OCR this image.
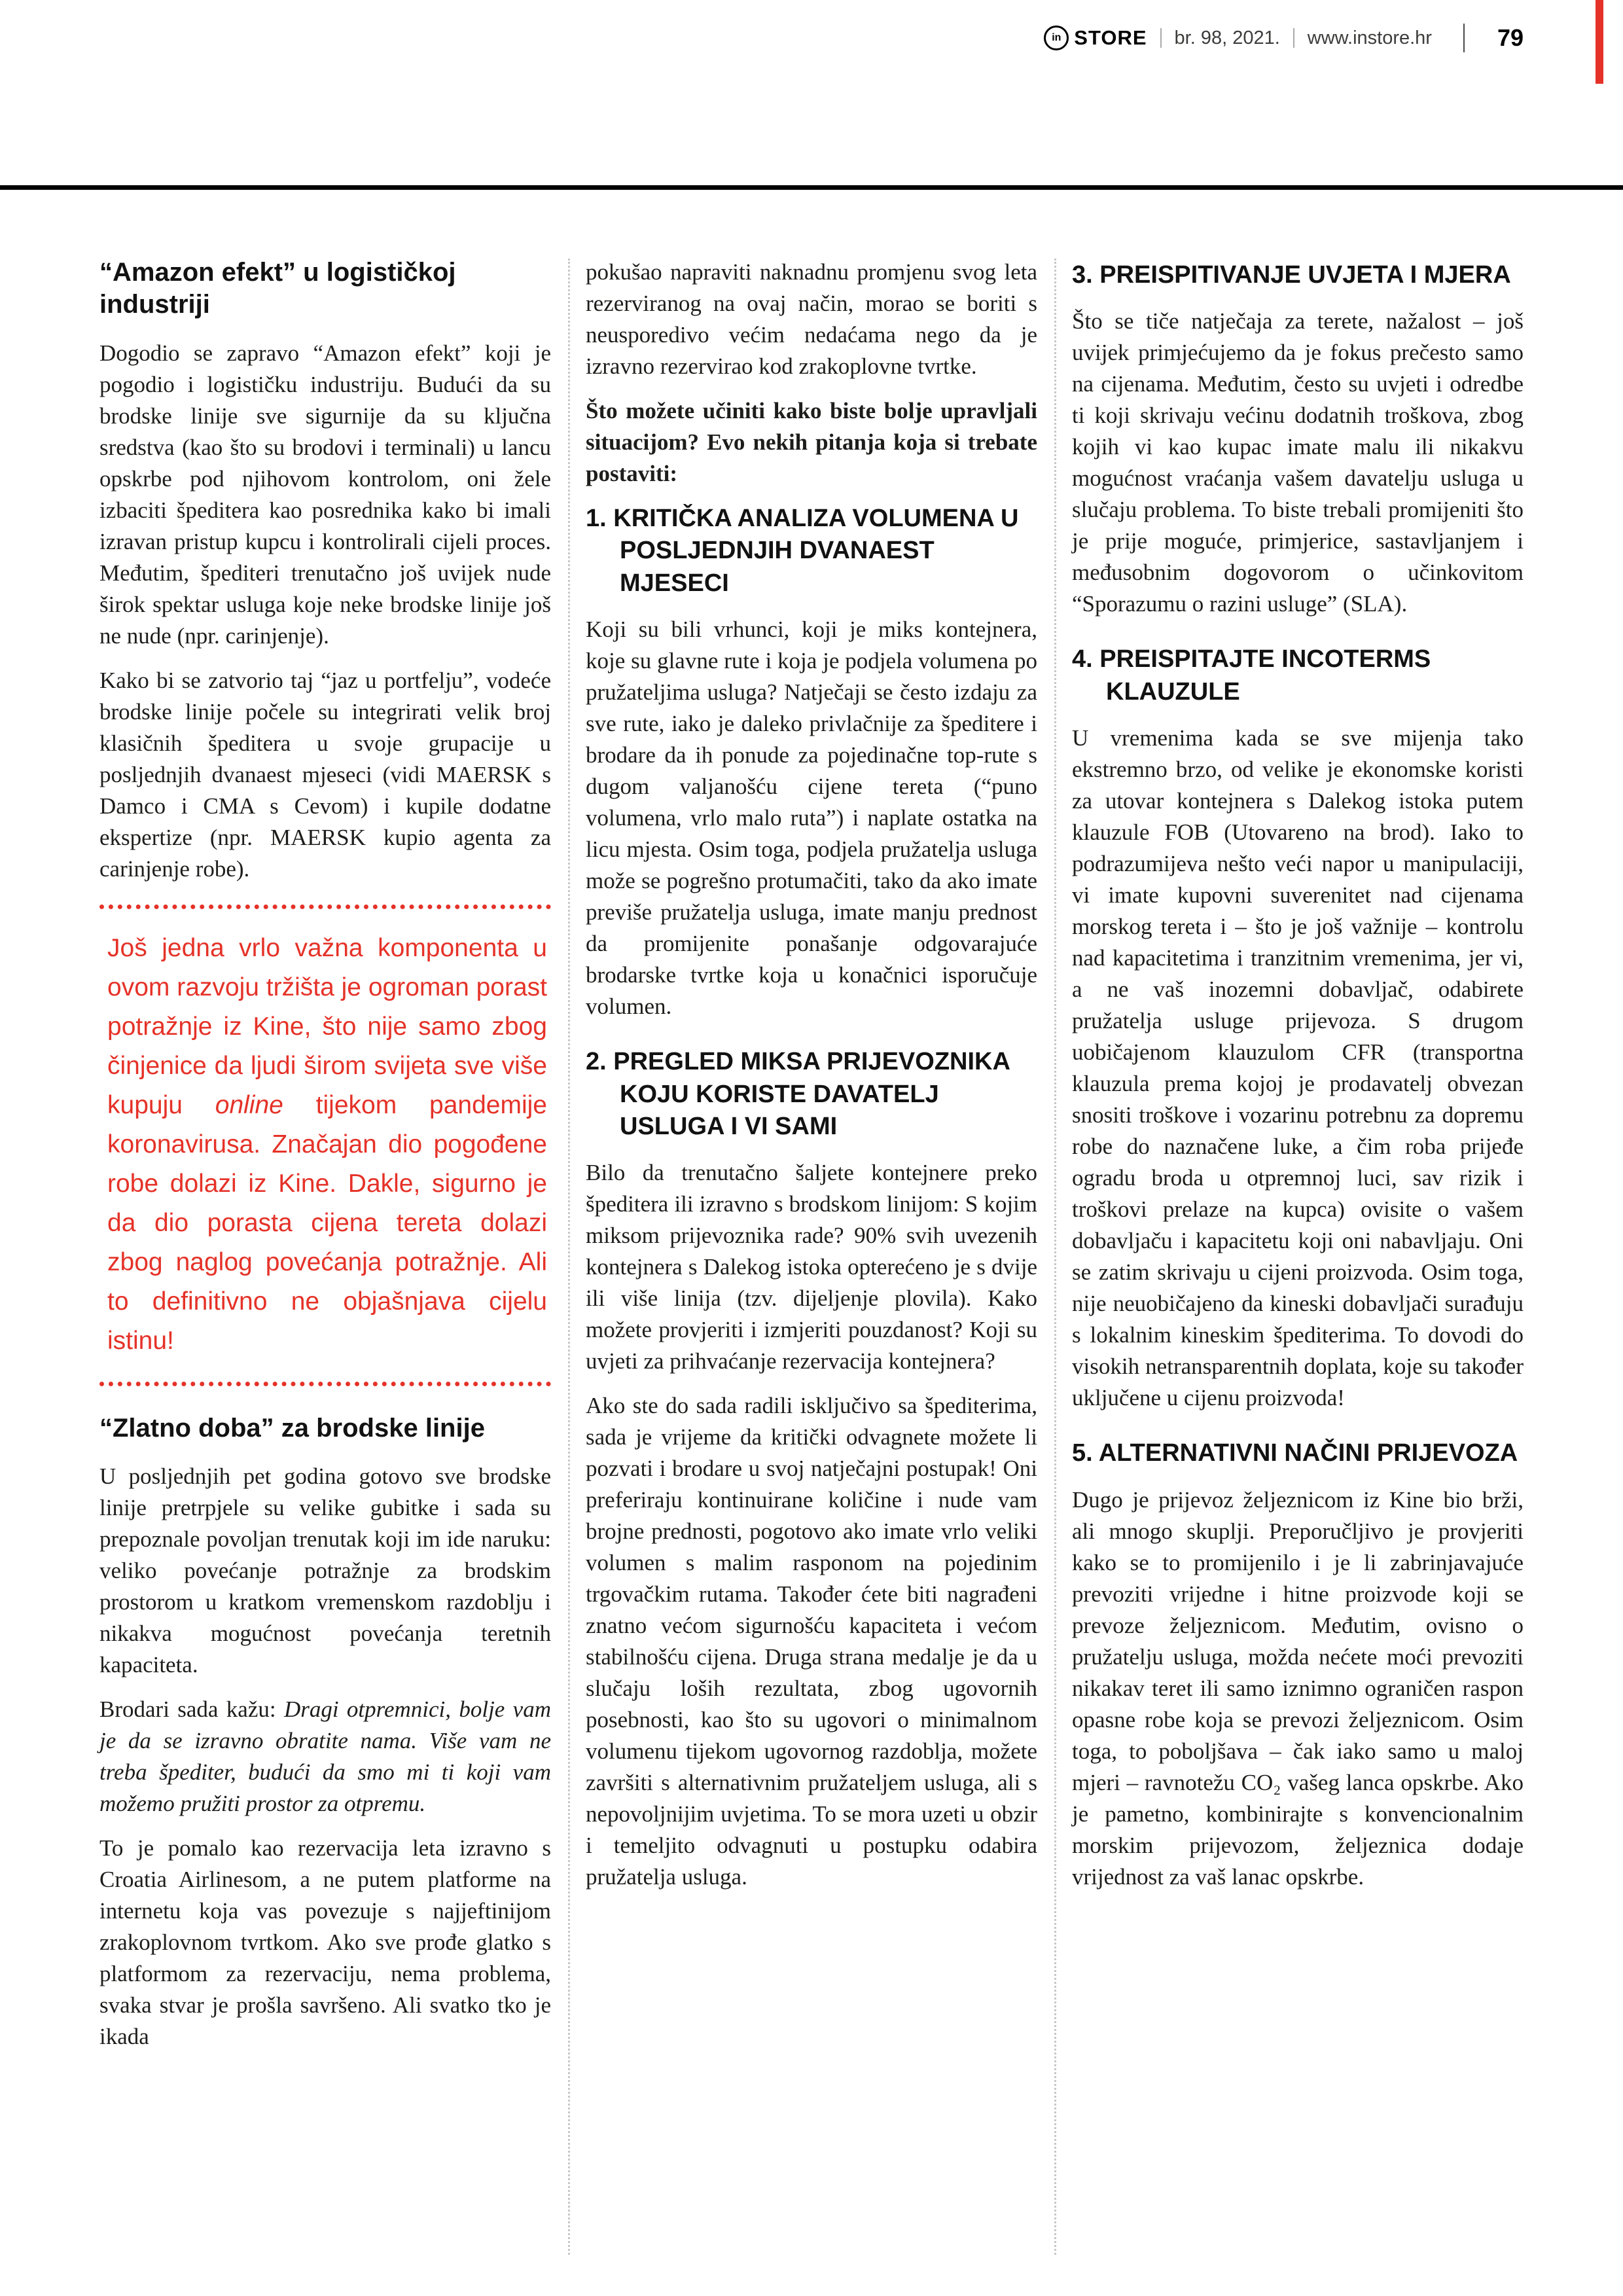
in STORE br. 98, 2021. www.instore.hr	79
“Amazon efekt” u logističkoj industriji

Dogodio se zapravo “Amazon efekt” koji je pogodio i logističku industriju. Budući da su brodske linije sve sigurnije da su ključna sredstva (kao što su brodovi i terminali) u lancu opskrbe pod njihovom kontrolom, oni žele izbaciti špeditera kao posrednika kako bi imali izravan pristup kupcu i kontrolirali cijeli proces. Međutim, špediteri trenutačno još uvijek nude širok spektar usluga koje neke brodske linije još ne nude (npr. carinjenje).

Kako bi se zatvorio taj “jaz u portfelju”, vodeće brodske linije počele su integrirati velik broj klasičnih špeditera u svoje grupacije u posljednjih dvanaest mjeseci (vidi MAERSK s Damco i CMA s Cevom) i kupile dodatne ekspertize (npr. MAERSK kupio agenta za carinjenje robe).

Još jedna vrlo važna komponenta u ovom razvoju tržišta je ogroman porast potražnje iz Kine, što nije samo zbog činjenice da ljudi širom svijeta sve više kupuju online tijekom pandemije koronavirusa. Značajan dio pogođene robe dolazi iz Kine. Dakle, sigurno je da dio porasta cijena tereta dolazi zbog naglog povećanja potražnje. Ali to definitivno ne objašnjava cijelu istinu!
“Zlatno doba” za brodske linije

U posljednjih pet godina gotovo sve brodske linije pretrpjele su velike gubitke i sada su prepoznale povoljan trenutak koji im ide naruku: veliko povećanje potražnje za brodskim prostorom u kratkom vremenskom razdoblju i nikakva mogućnost povećanja teretnih kapaciteta.

Brodari sada kažu: Dragi otpremnici, bolje vam je da se izravno obratite nama. Više vam ne treba špediter, budući da smo mi ti koji vam možemo pružiti prostor za otpremu.

To je pomalo kao rezervacija leta izravno s Croatia Airlinesom, a ne putem platforme na internetu koja vas povezuje s najjeftinijom zrakoplovnom tvrtkom. Ako sve prođe glatko s platformom za rezervaciju, nema problema, svaka stvar je prošla savršeno. Ali svatko tko je ikada

pokušao napraviti naknadnu promjenu svog leta rezerviranog na ovaj način, morao se boriti s neusporedivo većim nedaćama nego da je izravno rezervirao kod zrakoplovne tvrtke.

Što možete učiniti kako biste bolje upravljali situacijom? Evo nekih pitanja koja si trebate postaviti:

1. KRITIČKA ANALIZA VOLUMENA U POSLJEDNJIH DVANAEST MJESECI

Koji su bili vrhunci, koji je miks kontejnera, koje su glavne rute i koja je podjela volumena po pružateljima usluga? Natječaji se često izdaju za sve rute, iako je daleko privlačnije za špeditere i brodare da ih ponude za pojedinačne top-rute s dugom valjanošću cijene tereta (“puno volumena, vrlo malo ruta”) i naplate ostatka na licu mjesta. Osim toga, podjela pružatelja usluga može se pogrešno protumačiti, tako da ako imate previše pružatelja usluga, imate manju prednost da promijenite ponašanje odgovarajuće brodarske tvrtke koja u konačnici isporučuje volumen.

2. PREGLED MIKSA PRIJEVOZNIKA KOJU KORISTE DAVATELJ USLUGA I VI SAMI

Bilo da trenutačno šaljete kontejnere preko špeditera ili izravno s brodskom linijom: S kojim miksom prijevoznika rade? 90% svih uvezenih kontejnera s Dalekog istoka opterećeno je s dvije ili više linija (tzv. dijeljenje plovila). Kako možete provjeriti i izmjeriti pouzdanost? Koji su uvjeti za prihvaćanje rezervacija kontejnera?

Ako ste do sada radili isključivo sa špediterima, sada je vrijeme da kritički odvagnete možete li pozvati i brodare u svoj natječajni postupak! Oni preferiraju kontinuirane količine i nude vam brojne prednosti, pogotovo ako imate vrlo veliki volumen s malim rasponom na pojedinim trgovačkim rutama. Također ćete biti nagrađeni znatno većom sigurnošću kapaciteta i većom stabilnošću cijena. Druga strana medalje je da u slučaju loših rezultata, zbog ugovornih posebnosti, kao što su ugovori o minimalnom volumenu tijekom ugovornog razdoblja, možete završiti s alternativnim pružateljem usluga, ali s nepovoljnijim uvjetima. To se mora uzeti u obzir i temeljito odvagnuti u postupku odabira pružatelja usluga.

3. PREISPITIVANJE UVJETA I MJERA

Što se tiče natječaja za terete, nažalost – još uvijek primjećujemo da je fokus prečesto samo na cijenama. Međutim, često su uvjeti i odredbe ti koji skrivaju većinu dodatnih troškova, zbog kojih vi kao kupac imate malu ili nikakvu mogućnost vraćanja vašem davatelju usluga u slučaju problema. To biste trebali promijeniti što je prije moguće, primjerice, sastavljanjem i međusobnim dogovorom o učinkovitom “Sporazumu o razini usluge” (SLA).

4. PREISPITAJTE INCOTERMS KLAUZULE

U vremenima kada se sve mijenja tako ekstremno brzo, od velike je ekonomske koristi za utovar kontejnera s Dalekog istoka putem klauzule FOB (Utovareno na brod). Iako to podrazumijeva nešto veći napor u manipulaciji, vi imate kupovni suverenitet nad cijenama morskog tereta i – što je još važnije – kontrolu nad kapacitetima i tranzitnim vremenima, jer vi, a ne vaš inozemni dobavljač, odabirete pružatelja usluge prijevoza. S drugom uobičajenom klauzulom CFR (transportna klauzula prema kojoj je prodavatelj obvezan snositi troškove i vozarinu potrebnu za dopremu robe do naznačene luke, a čim roba prijeđe ogradu broda u otpremnoj luci, sav rizik i troškovi prelaze na kupca) ovisite o vašem dobavljaču i kapacitetu koji oni nabavljaju. Oni se zatim skrivaju u cijeni proizvoda. Osim toga, nije neuobičajeno da kineski dobavljači surađuju s lokalnim kineskim špediterima. To dovodi do visokih netransparentnih doplata, koje su također uključene u cijenu proizvoda!

5. ALTERNATIVNI NAČINI PRIJEVOZA

Dugo je prijevoz željeznicom iz Kine bio brži, ali mnogo skuplji. Preporučljivo je provjeriti kako se to promijenilo i je li zabrinjavajuće prevoziti vrijedne i hitne proizvode koji se prevoze željeznicom. Međutim, ovisno o pružatelju usluga, možda nećete moći prevoziti nikakav teret ili samo iznimno ograničen raspon opasne robe koja se prevozi željeznicom. Osim toga, to poboljšava – čak iako samo u maloj mjeri – ravnotežu CO₂ vašeg lanca opskrbe. Ako je pametno, kombinirajte s konvencionalnim morskim prijevozom, željeznica dodaje vrijednost za vaš lanac opskrbe.
